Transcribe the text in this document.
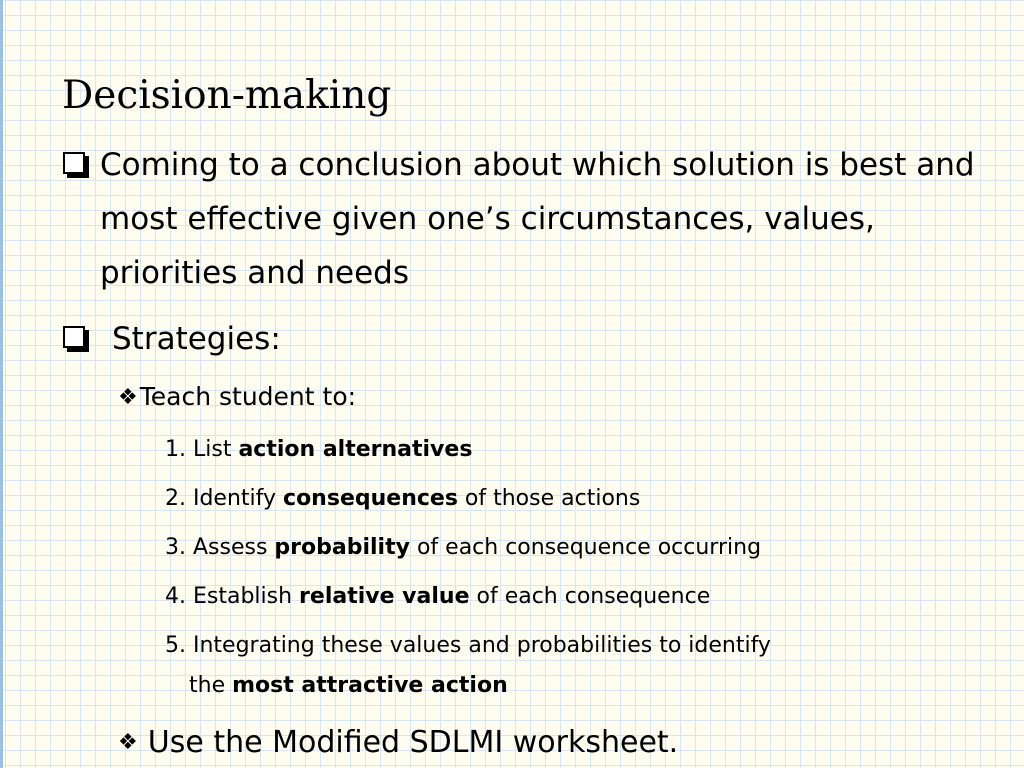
Decision-making
Coming to a conclusion about which solution is best and most effective given one’s circumstances, values, priorities and needs
Strategies:
❖Teach student to:
1. List action alternatives
2. Identify consequences of those actions
3. Assess probability of each consequence occurring
4. Establish relative value of each consequence
5. Integrating these values and probabilities to identify
the most attractive action
❖ Use the Modified SDLMI worksheet.
